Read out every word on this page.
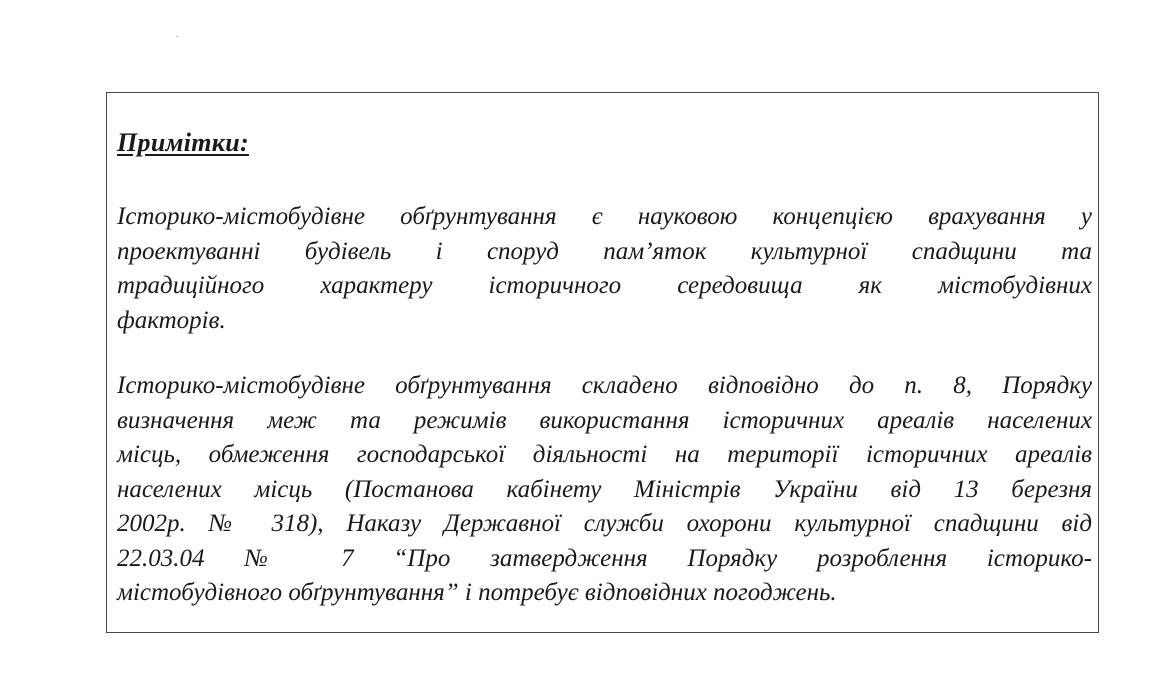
Примітки:

Історико-містобудівне обґрунтування є науковою концепцією врахування у
проектуванні будівель і споруд пам’яток культурної спадщини та
традиційного характеру історичного середовища як містобудівних
факторів.

Історико-містобудівне обґрунтування складено відповідно до п. 8, Порядку
визначення меж та режимів використання історичних ареалів населених
місць, обмеження господарської діяльності на території історичних ареалів
населених місць (Постанова кабінету Міністрів України від 13 березня
2002р. № 318), Наказу Державної служби охорони культурної спадщини від
22.03.04 № 7 “Про затвердження Порядку розроблення історико-
містобудівного обґрунтування” і потребує відповідних погоджень.
